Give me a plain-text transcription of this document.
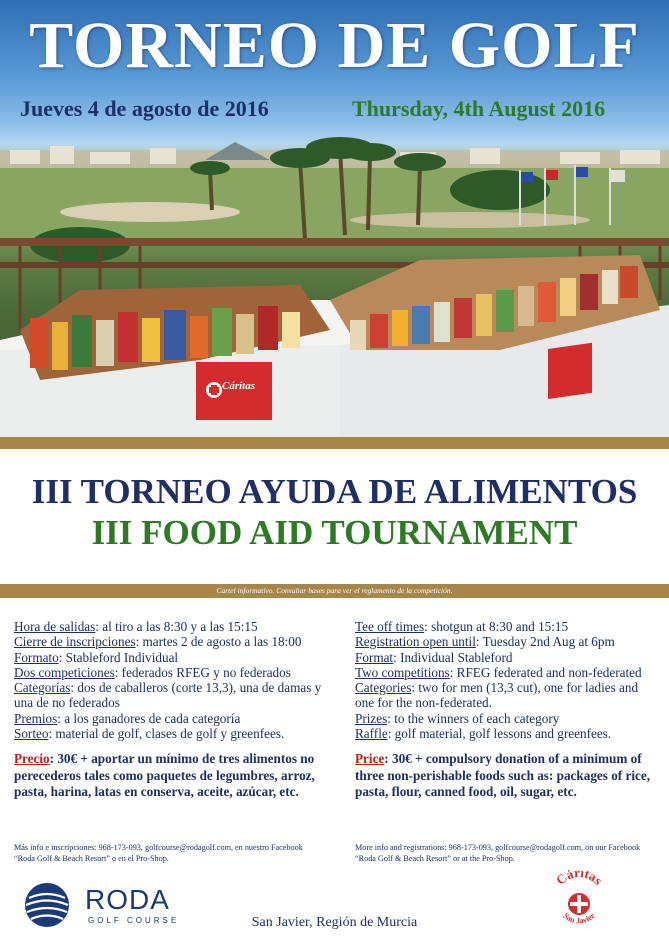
TORNEO DE GOLF
Jueves 4 de agosto de 2016	Thursday, 4th August 2016
Cáritas
III TORNEO AYUDA DE ALIMENTOS
III FOOD AID TOURNAMENT
Cartel informativo. Consultar bases para ver el reglamento de la competición.

Hora de salidas: al tiro a las 8:30 y a las 15:15

Cierre de inscripciones: martes 2 de agosto a las 18:00

Formato: Stableford Individual

Dos competiciones: federados RFEG y no federados

Categorías: dos de caballeros (corte 13,3), una de damas y una de no federados

Premios: a los ganadores de cada categoría

Sorteo: material de golf, clases de golf y greenfees.

Tee off times: shotgun at 8:30 and 15:15

Registration open until: Tuesday 2nd Aug at 6pm

Format: Individual Stableford

Two competitions: RFEG federated and non-federated

Categories: two for men (13,3 cut), one for ladies and one for the non-federated.

Prizes: to the winners of each category

Raffle: golf material, golf lessons and greenfees.

Precio: 30€ + aportar un mínimo de tres alimentos no perecederos tales como paquetes de legumbres, arroz, pasta, harina, latas en conserva, aceite, azúcar, etc.
Price: 30€ + compulsory donation of a minimum of three non-perishable foods such as: packages of rice, pasta, flour, canned food, oil, sugar, etc.
Más info e inscripciones: 968-173-093, golfcourse@rodagolf.com, en nuestro Facebook “Roda Golf & Beach Resort” o en el Pro-Shop.
More info and registrations: 968-173-093, golfcourse@rodagolf.com, on our Facebook “Roda Golf & Beach Resort” or at the Pro-Shop.
RODA
GOLF COURSE	San Javier, Región de Murcia
Cáritas
San Javier
